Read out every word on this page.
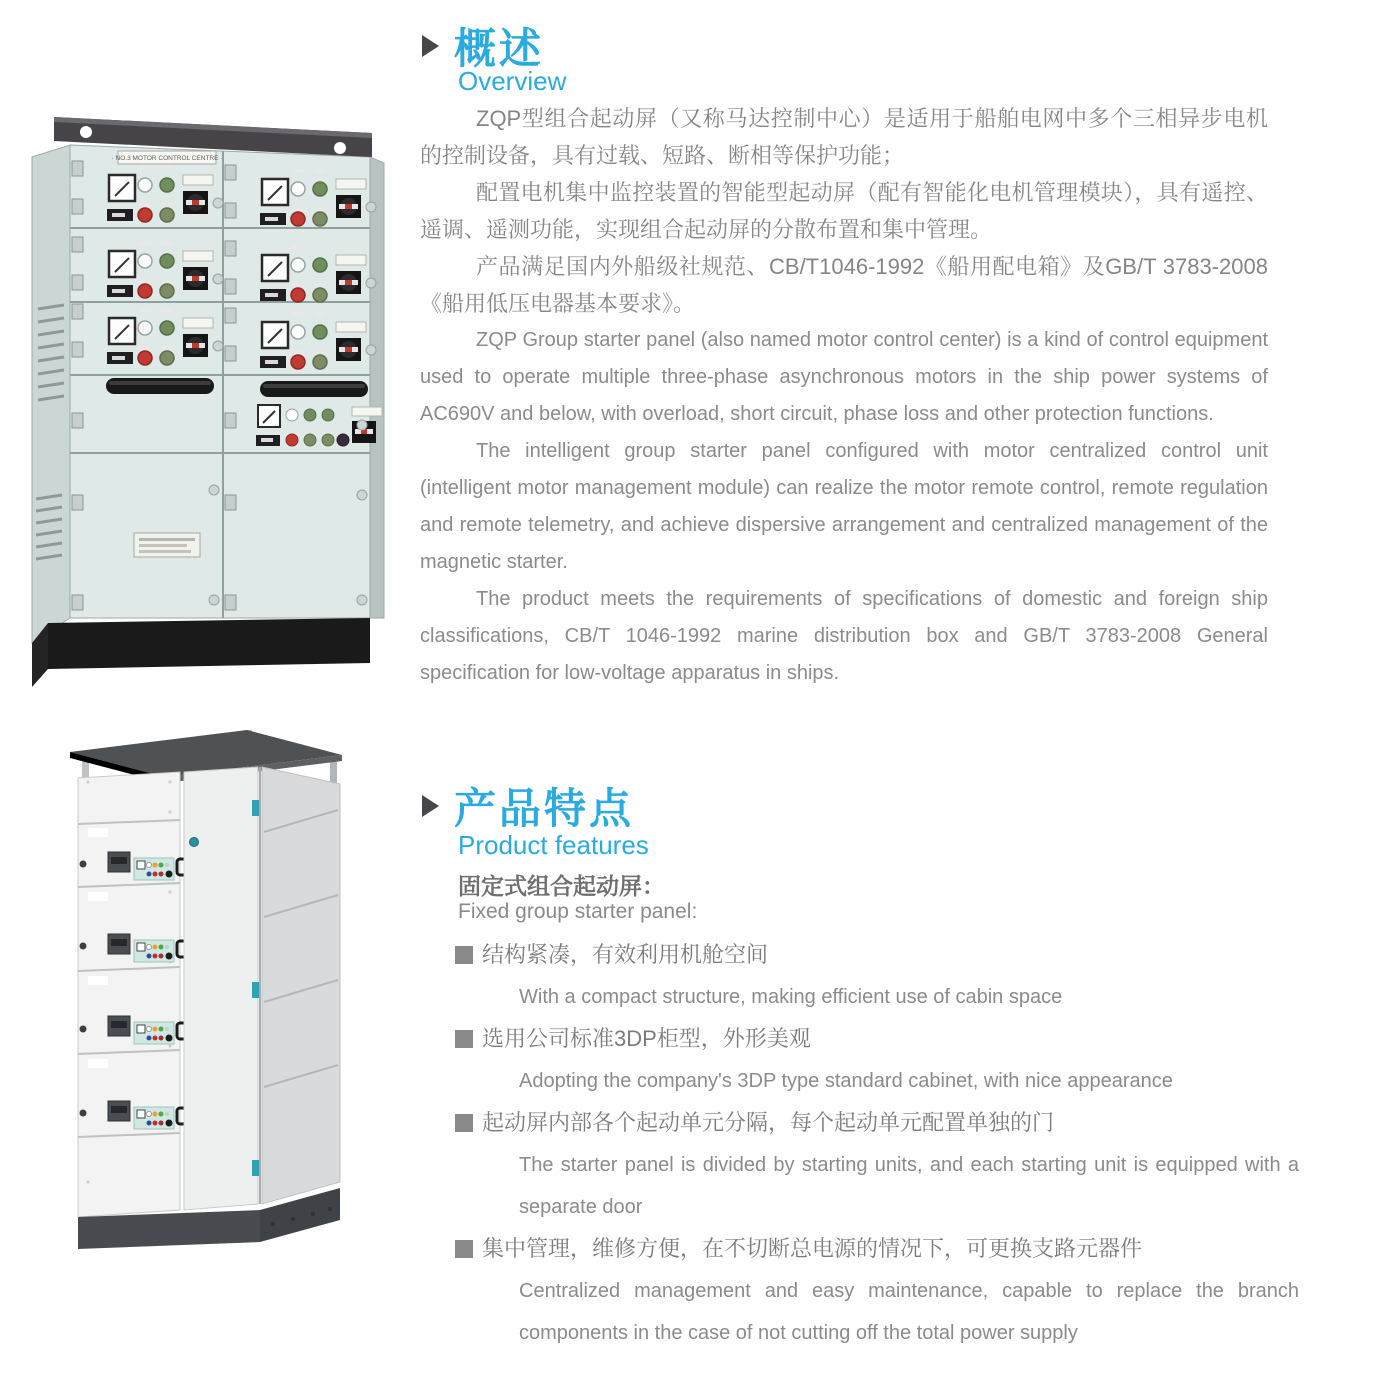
· NO.3 MOTOR CONTROL CENTRE ·
概述
Overview

ZQP型组合起动屏（又称马达控制中心）是适用于船舶电网中多个三相异步电机的控制设备，具有过载、短路、断相等保护功能；

配置电机集中监控装置的智能型起动屏（配有智能化电机管理模块），具有遥控、遥调、遥测功能，实现组合起动屏的分散布置和集中管理。

产品满足国内外船级社规范、CB/T1046-1992《船用配电箱》及GB/T 3783-2008《船用低压电器基本要求》。

ZQP Group starter panel (also named motor control center) is a kind of control equipment used to operate multiple three-phase asynchronous motors in the ship power systems of AC690V and below, with overload, short circuit, phase loss and other protection functions.

The intelligent group starter panel configured with motor centralized control unit (intelligent motor management module) can realize the motor remote control, remote regulation and remote telemetry, and achieve dispersive arrangement and centralized management of the magnetic starter.

The product meets the requirements of specifications of domestic and foreign ship classifications, CB/T 1046-1992 marine distribution box and GB/T 3783-2008 General specification for low-voltage apparatus in ships.

产品特点
Product features
固定式组合起动屏：
Fixed group starter panel:
结构紧凑，有效利用机舱空间
With a compact structure, making efficient use of cabin space
选用公司标准3DP柜型，外形美观
Adopting the company's 3DP type standard cabinet, with nice appearance
起动屏内部各个起动单元分隔，每个起动单元配置单独的门
The starter panel is divided by starting units, and each starting unit is equipped with a separate door
集中管理，维修方便，在不切断总电源的情况下，可更换支路元器件
Centralized management and easy maintenance, capable to replace the branch components in the case of not cutting off the total power supply
